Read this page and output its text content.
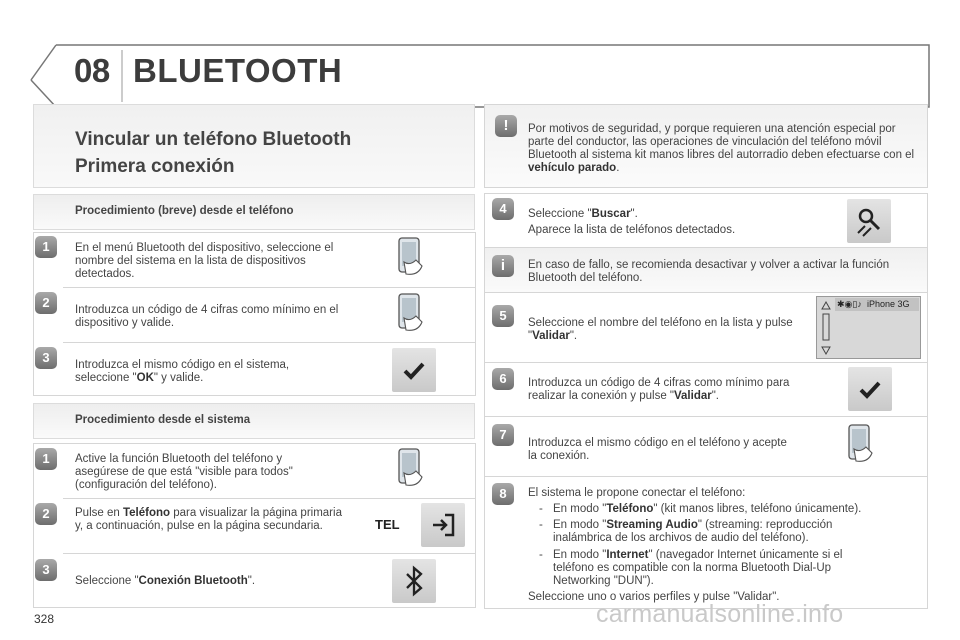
08 BLUETOOTH
Vincular un teléfono Bluetooth
Primera conexión
Procedimiento (breve) desde el teléfono
1	En el menú Bluetooth del dispositivo, seleccione el nombre del sistema en la lista de dispositivos detectados.
2	Introduzca un código de 4 cifras como mínimo en el dispositivo y valide.
3	Introduzca el mismo código en el sistema, seleccione "OK" y valide.
Procedimiento desde el sistema
1	Active la función Bluetooth del teléfono y asegúrese de que está "visible para todos" (configuración del teléfono).
2	Pulse en Teléfono para visualizar la página primaria y, a continuación, pulse en la página secundaria.	TEL
3
Seleccione "Conexión Bluetooth".
!	Por motivos de seguridad, y porque requieren una atención especial por parte del conductor, las operaciones de vinculación del teléfono móvil Bluetooth al sistema kit manos libres del autorradio deben efectuarse con el vehículo parado.
4	Seleccione "Buscar".
Aparece la lista de teléfonos detectados.
i	En caso de fallo, se recomienda desactivar y volver a activar la función Bluetooth del teléfono.
5	Seleccione el nombre del teléfono en la lista y pulse "Validar".
✱◉▯♪ iPhone 3G
6	Introduzca un código de 4 cifras como mínimo para realizar la conexión y pulse "Validar".
7
Introduzca el mismo código en el teléfono y acepte la conexión.
8	El sistema le propone conectar el teléfono:
- En modo "Teléfono" (kit manos libres, teléfono únicamente).
- En modo "Streaming Audio" (streaming: reproducción inalámbrica de los archivos de audio del teléfono).
- En modo "Internet" (navegador Internet únicamente si el teléfono es compatible con la norma Bluetooth Dial-Up Networking "DUN").
Seleccione uno o varios perfiles y pulse "Validar".
328	carmanualsonline.info
